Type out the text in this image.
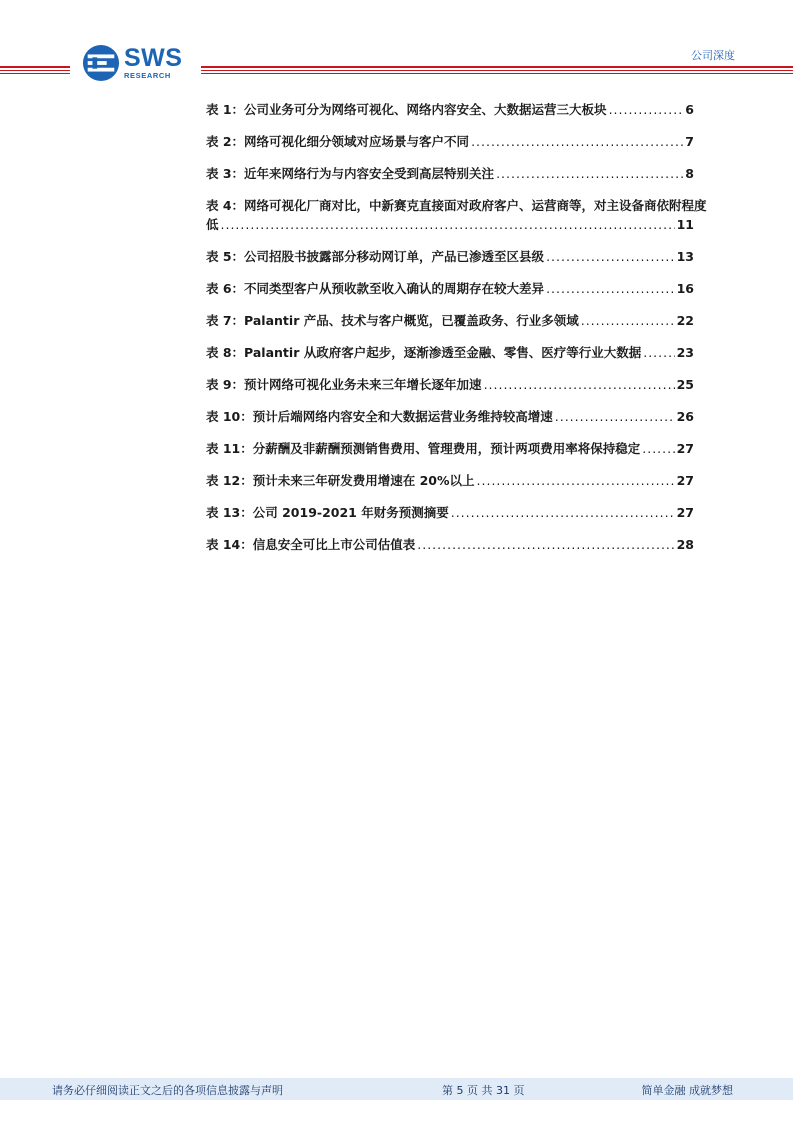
SWS
RESEARCH
公司深度
表 1：公司业务可分为网络可视化、网络内容安全、大数据运营三大板块 .....	6
表 2：网络可视化细分领域对应场景与客户不同 .....	7
表 3：近年来网络行为与内容安全受到高层特别关注 .....	8
表 4：网络可视化厂商对比，中新赛克直接面对政府客户、运营商等，对主设备商依附程度
低 .....	11
表 5：公司招股书披露部分移动网订单，产品已渗透至区县级 .....	13
表 6：不同类型客户从预收款至收入确认的周期存在较大差异 .....	16
表 7：Palantir 产品、技术与客户概览，已覆盖政务、行业多领域 .....	22
表 8：Palantir 从政府客户起步，逐渐渗透至金融、零售、医疗等行业大数据 .....	23
表 9：预计网络可视化业务未来三年增长逐年加速 .....	25
表 10：预计后端网络内容安全和大数据运营业务维持较高增速 .....	26
表 11：分薪酬及非薪酬预测销售费用、管理费用，预计两项费用率将保持稳定 .....	27
表 12：预计未来三年研发费用增速在 20%以上 .....	27
表 13：公司 2019-2021 年财务预测摘要 .....	27
表 14：信息安全可比上市公司估值表 .....	28
请务必仔细阅读正文之后的各项信息披露与声明	第 5 页 共 31 页	简单金融 成就梦想
